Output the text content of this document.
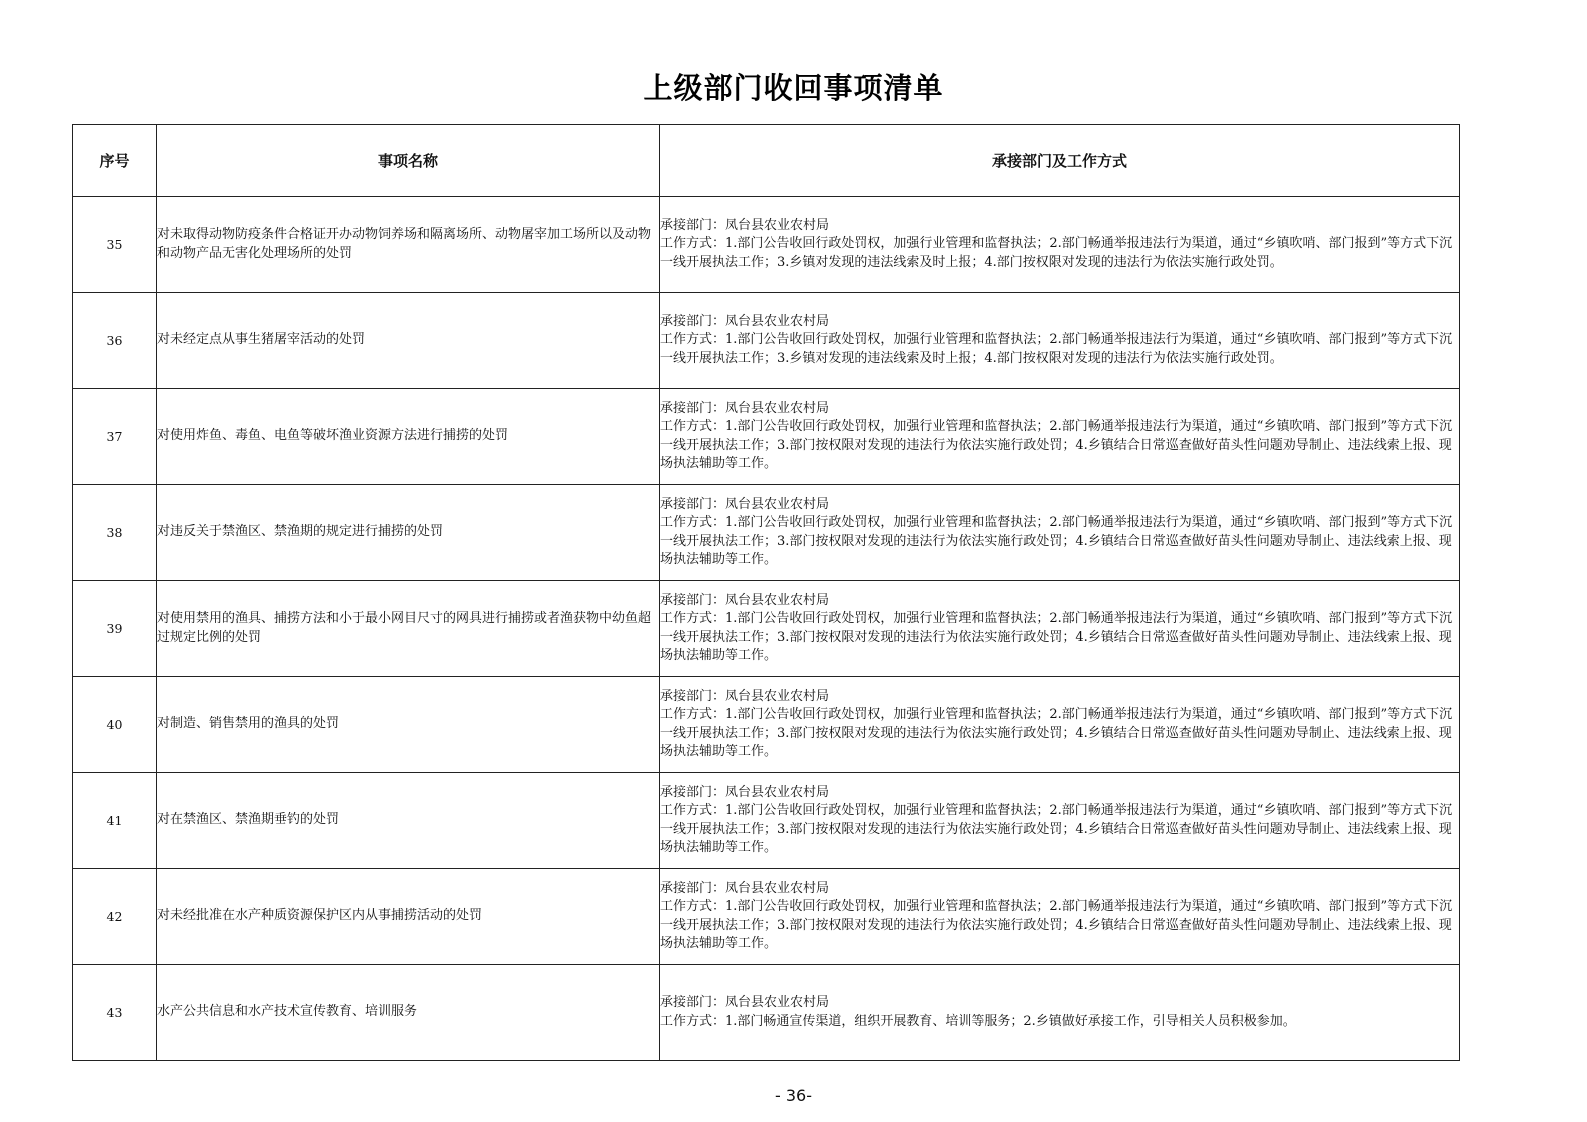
上级部门收回事项清单
序号	事项名称	承接部门及工作方式
35	对未取得动物防疫条件合格证开办动物饲养场和隔离场所、动物屠宰加工场所以及动物和动物产品无害化处理场所的处罚	承接部门：凤台县农业农村局
工作方式：1.部门公告收回行政处罚权，加强行业管理和监督执法；2.部门畅通举报违法行为渠道，通过“乡镇吹哨、部门报到”等方式下沉一线开展执法工作；3.乡镇对发现的违法线索及时上报；4.部门按权限对发现的违法行为依法实施行政处罚。

36	对未经定点从事生猪屠宰活动的处罚	承接部门：凤台县农业农村局
工作方式：1.部门公告收回行政处罚权，加强行业管理和监督执法；2.部门畅通举报违法行为渠道，通过“乡镇吹哨、部门报到”等方式下沉一线开展执法工作；3.乡镇对发现的违法线索及时上报；4.部门按权限对发现的违法行为依法实施行政处罚。

37	对使用炸鱼、毒鱼、电鱼等破坏渔业资源方法进行捕捞的处罚	承接部门：凤台县农业农村局
工作方式：1.部门公告收回行政处罚权，加强行业管理和监督执法；2.部门畅通举报违法行为渠道，通过“乡镇吹哨、部门报到”等方式下沉一线开展执法工作；3.部门按权限对发现的违法行为依法实施行政处罚；4.乡镇结合日常巡查做好苗头性问题劝导制止、违法线索上报、现场执法辅助等工作。

38	对违反关于禁渔区、禁渔期的规定进行捕捞的处罚	承接部门：凤台县农业农村局
工作方式：1.部门公告收回行政处罚权，加强行业管理和监督执法；2.部门畅通举报违法行为渠道，通过“乡镇吹哨、部门报到”等方式下沉一线开展执法工作；3.部门按权限对发现的违法行为依法实施行政处罚；4.乡镇结合日常巡查做好苗头性问题劝导制止、违法线索上报、现场执法辅助等工作。

39	对使用禁用的渔具、捕捞方法和小于最小网目尺寸的网具进行捕捞或者渔获物中幼鱼超过规定比例的处罚	承接部门：凤台县农业农村局
工作方式：1.部门公告收回行政处罚权，加强行业管理和监督执法；2.部门畅通举报违法行为渠道，通过“乡镇吹哨、部门报到”等方式下沉一线开展执法工作；3.部门按权限对发现的违法行为依法实施行政处罚；4.乡镇结合日常巡查做好苗头性问题劝导制止、违法线索上报、现场执法辅助等工作。

40	对制造、销售禁用的渔具的处罚	承接部门：凤台县农业农村局
工作方式：1.部门公告收回行政处罚权，加强行业管理和监督执法；2.部门畅通举报违法行为渠道，通过“乡镇吹哨、部门报到”等方式下沉一线开展执法工作；3.部门按权限对发现的违法行为依法实施行政处罚；4.乡镇结合日常巡查做好苗头性问题劝导制止、违法线索上报、现场执法辅助等工作。

41	对在禁渔区、禁渔期垂钓的处罚	承接部门：凤台县农业农村局
工作方式：1.部门公告收回行政处罚权，加强行业管理和监督执法；2.部门畅通举报违法行为渠道，通过“乡镇吹哨、部门报到”等方式下沉一线开展执法工作；3.部门按权限对发现的违法行为依法实施行政处罚；4.乡镇结合日常巡查做好苗头性问题劝导制止、违法线索上报、现场执法辅助等工作。

42	对未经批准在水产种质资源保护区内从事捕捞活动的处罚	承接部门：凤台县农业农村局
工作方式：1.部门公告收回行政处罚权，加强行业管理和监督执法；2.部门畅通举报违法行为渠道，通过“乡镇吹哨、部门报到”等方式下沉一线开展执法工作；3.部门按权限对发现的违法行为依法实施行政处罚；4.乡镇结合日常巡查做好苗头性问题劝导制止、违法线索上报、现场执法辅助等工作。

43	水产公共信息和水产技术宣传教育、培训服务	承接部门：凤台县农业农村局
工作方式：1.部门畅通宣传渠道，组织开展教育、培训等服务；2.乡镇做好承接工作，引导相关人员积极参加。
- 36-
